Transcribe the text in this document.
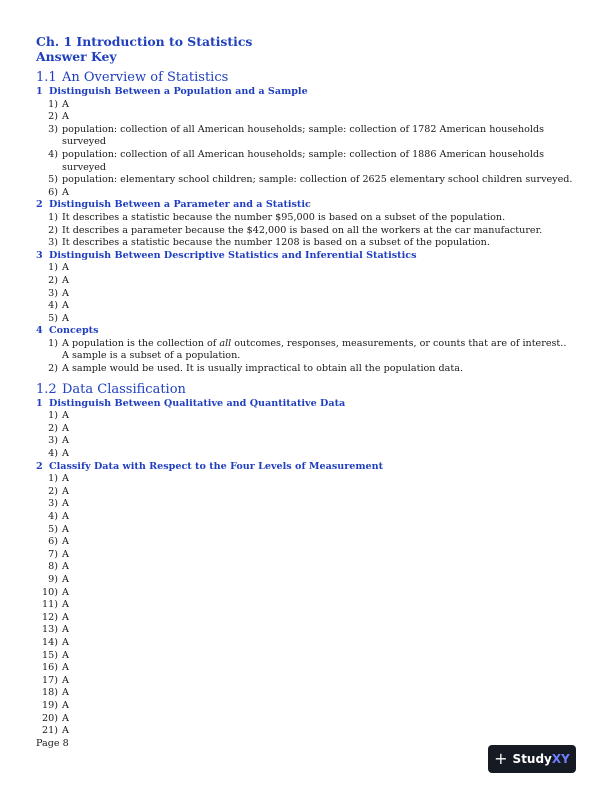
Ch. 1 Introduction to Statistics
Answer Key
1.1 An Overview of Statistics
1 Distinguish Between a Population and a Sample
1) A
2) A
3) population: collection of all American households; sample: collection of 1782 American households surveyed
4) population: collection of all American households; sample: collection of 1886 American households surveyed
5) population: elementary school children; sample: collection of 2625 elementary school children surveyed.
6) A
2 Distinguish Between a Parameter and a Statistic
1) It describes a statistic because the number $95,000 is based on a subset of the population.
2) It describes a parameter because the $42,000 is based on all the workers at the car manufacturer.
3) It describes a statistic because the number 1208 is based on a subset of the population.
3 Distinguish Between Descriptive Statistics and Inferential Statistics
1) A
2) A
3) A
4) A
5) A
4 Concepts
1) A population is the collection of all outcomes, responses, measurements, or counts that are of interest.. A sample is a subset of a population.
2) A sample would be used. It is usually impractical to obtain all the population data.
1.2 Data Classification
1 Distinguish Between Qualitative and Quantitative Data
1) A
2) A
3) A
4) A
2 Classify Data with Respect to the Four Levels of Measurement
1) A
2) A
3) A
4) A
5) A
6) A
7) A
8) A
9) A
10) A
11) A
12) A
13) A
14) A
15) A
16) A
17) A
18) A
19) A
20) A
21) A
Page 8
+ StudyXY
